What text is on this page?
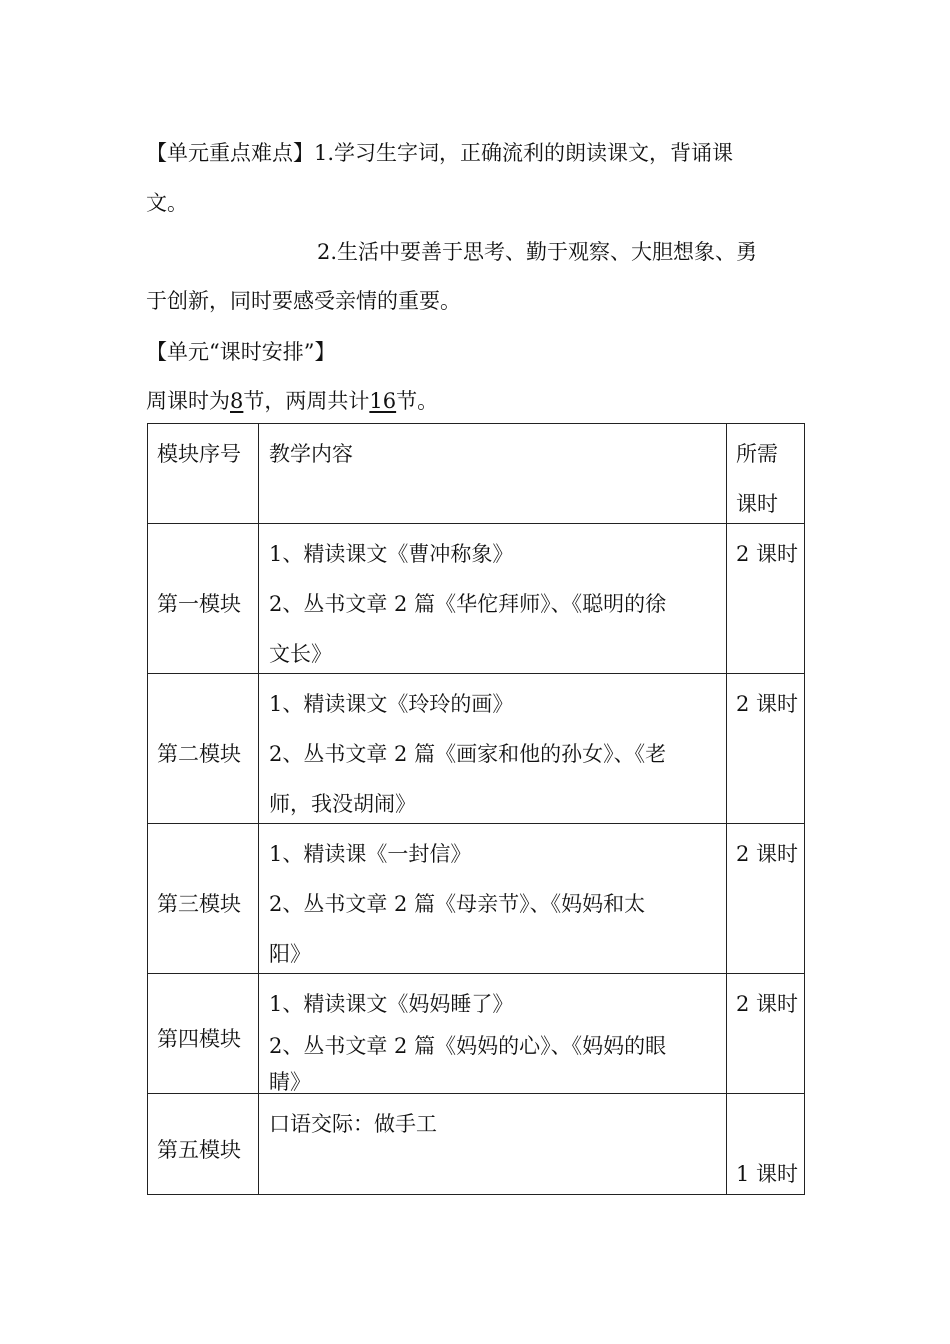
【单元重点难点】1.学习生字词，正确流利的朗读课文，背诵课
文。
2.生活中要善于思考、勤于观察、大胆想象、勇
于创新，同时要感受亲情的重要。
【单元“课时安排”】
周课时为8节，两周共计16节。
模块序号	教学内容	所需
课时

第一模块	1、精读课文《曹冲称象》
2、丛书文章 2 篇《华佗拜师》、《聪明的徐
文长》	2 课时

第二模块	1、精读课文《玲玲的画》
2、丛书文章 2 篇《画家和他的孙女》、《老
师，我没胡闹》	2 课时

第三模块	1、精读课《一封信》
2、丛书文章 2 篇《母亲节》、《妈妈和太
阳》	2 课时

第四模块	1、精读课文《妈妈睡了》
2、丛书文章 2 篇《妈妈的心》、《妈妈的眼
睛》	2 课时

第五模块	口语交际：做手工	1 课时
